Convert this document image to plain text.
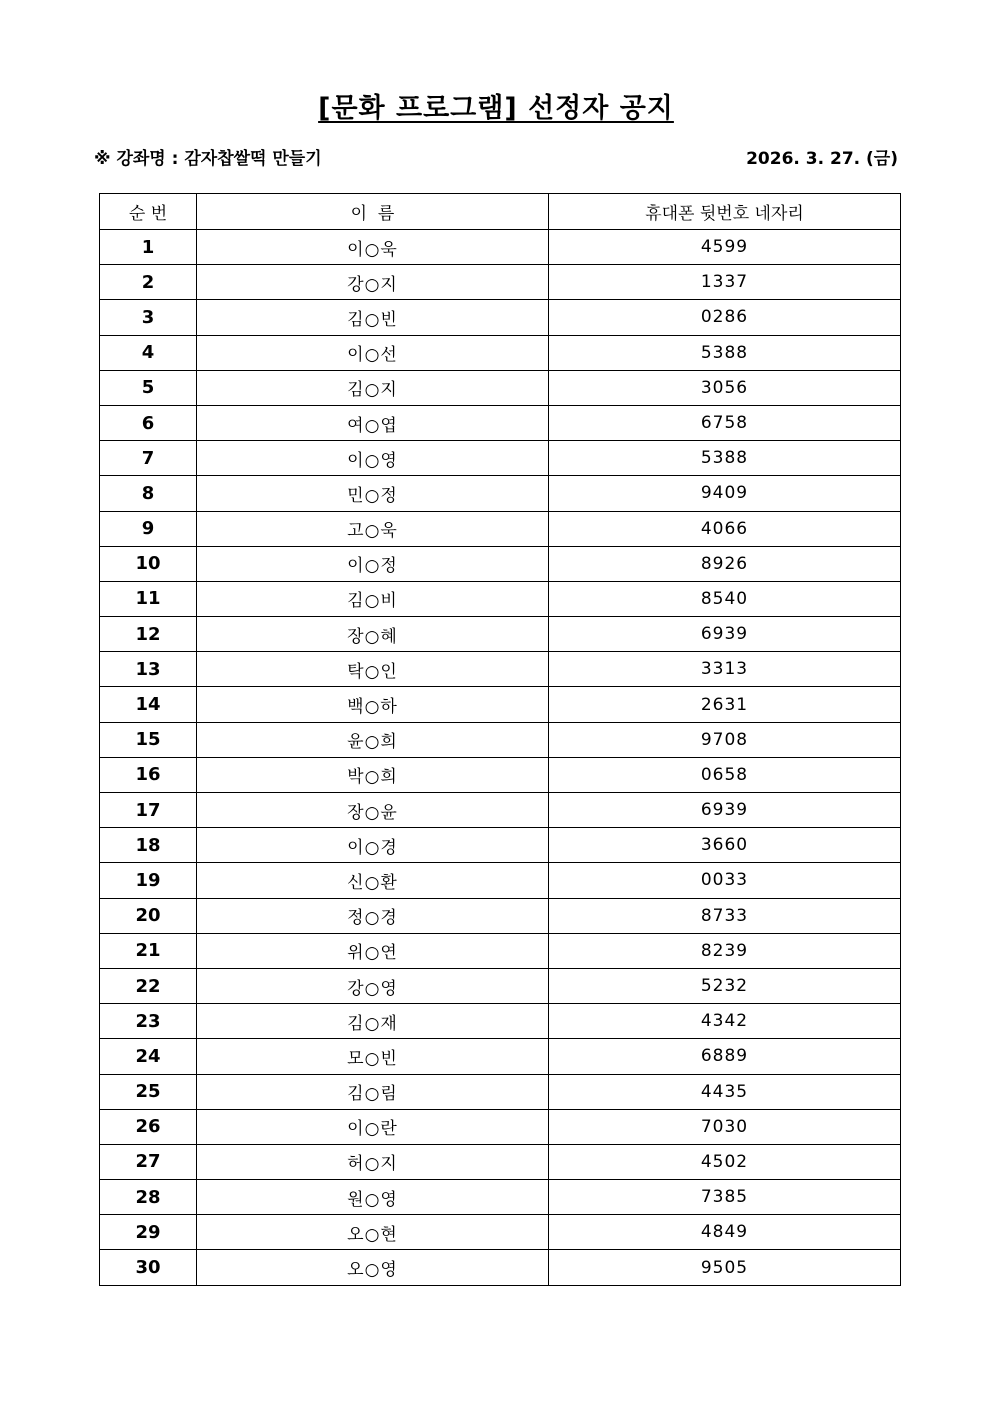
[문화 프로그램] 선정자 공지
※ 강좌명 : 감자찹쌀떡 만들기	2026. 3. 27. (금)
순 번	이  름	휴대폰 뒷번호 네자리
1	이○욱	4599
2	강○지	1337
3	김○빈	0286
4	이○선	5388
5	김○지	3056
6	여○엽	6758
7	이○영	5388
8	민○정	9409
9	고○욱	4066
10	이○정	8926
11	김○비	8540
12	장○혜	6939
13	탁○인	3313
14	백○하	2631
15	윤○희	9708
16	박○희	0658
17	장○윤	6939
18	이○경	3660
19	신○환	0033
20	정○경	8733
21	위○연	8239
22	강○영	5232
23	김○재	4342
24	모○빈	6889
25	김○림	4435
26	이○란	7030
27	허○지	4502
28	원○영	7385
29	오○현	4849
30	오○영	9505
